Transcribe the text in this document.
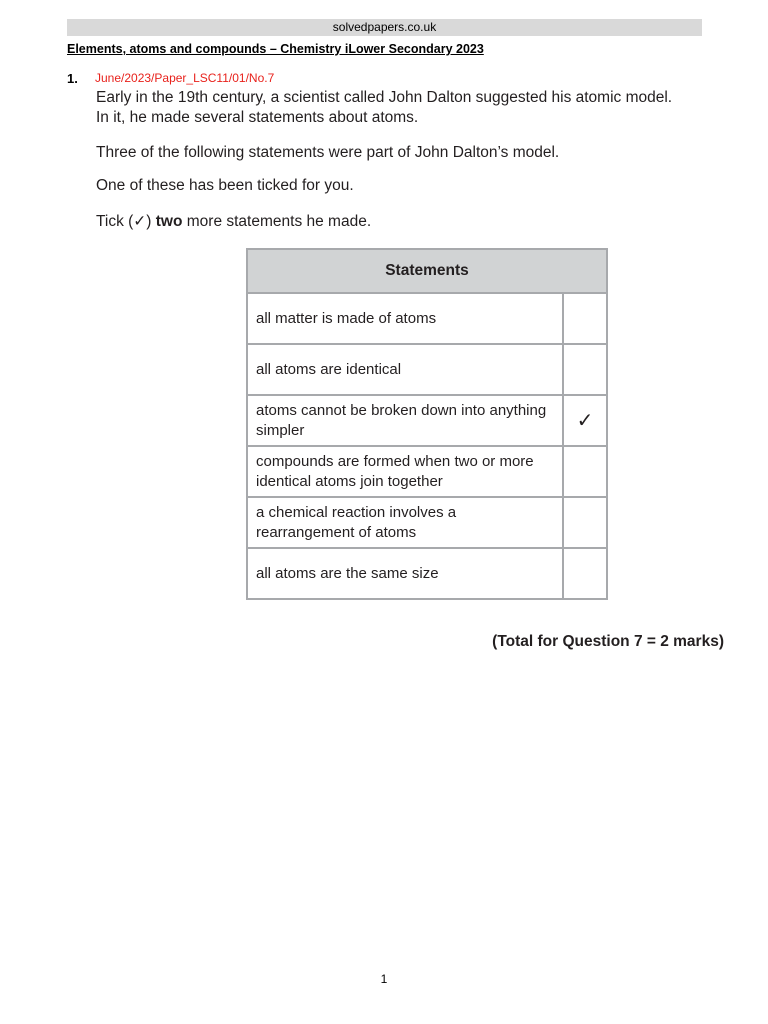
solvedpapers.co.uk
Elements, atoms and compounds – Chemistry iLower Secondary 2023
1. June/2023/Paper_LSC11/01/No.7
Early in the 19th century, a scientist called John Dalton suggested his atomic model.
In it, he made several statements about atoms.
Three of the following statements were part of John Dalton’s model.
One of these has been ticked for you.
Tick (✓) two more statements he made.
Statements	
all matter is made of atoms	
all atoms are identical	
atoms cannot be broken down into anything simpler	✓
compounds are formed when two or more identical atoms join together	
a chemical reaction involves a rearrangement of atoms	
all atoms are the same size	
(Total for Question 7 = 2 marks)
1
